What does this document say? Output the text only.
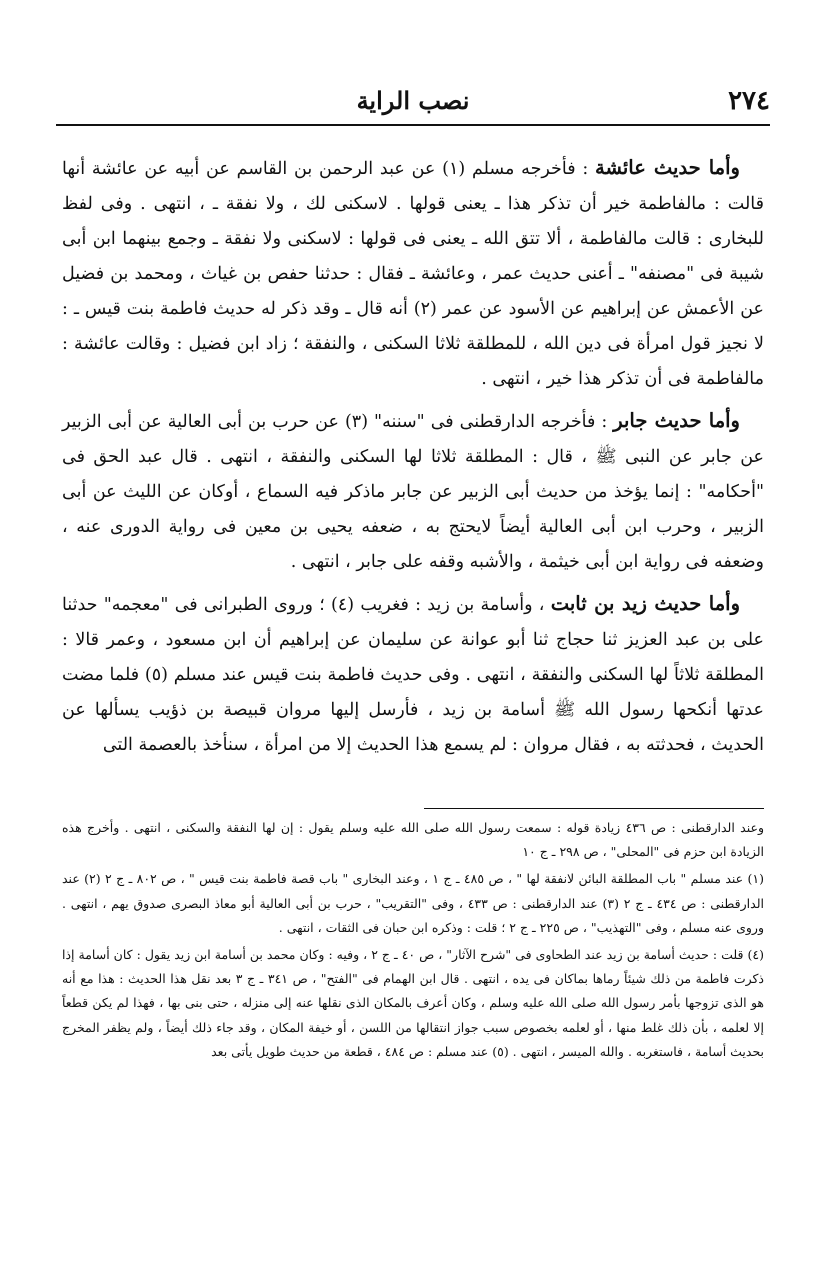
٢٧٤
نصب الراية

وأما حديث عائشة : فأخرجه مسلم (١) عن عبد الرحمن بن القاسم عن أبيه عن عائشة أنها قالت : مالفاطمة خير أن تذكر هذا ـ يعنى قولها . لاسكنى لك ، ولا نفقة ـ ، انتهى . وفى لفظ للبخارى : قالت مالفاطمة ، ألا تتق الله ـ يعنى فى قولها : لاسكنى ولا نفقة ـ وجمع بينهما ابن أبى شيبة فى "مصنفه" ـ أعنى حديث عمر ، وعائشة ـ فقال : حدثنا حفص بن غياث ، ومحمد بن فضيل عن الأعمش عن إبراهيم عن الأسود عن عمر (٢) أنه قال ـ وقد ذكر له حديث فاطمة بنت قيس ـ : لا نجيز قول امرأة فى دين الله ، للمطلقة ثلاثا السكنى ، والنفقة ؛ زاد ابن فضيل : وقالت عائشة : مالفاطمة فى أن تذكر هذا خير ، انتهى .

وأما حديث جابر : فأخرجه الدارقطنى فى "سننه" (٣) عن حرب بن أبى العالية عن أبى الزبير عن جابر عن النبى ﷺ ، قال : المطلقة ثلاثا لها السكنى والنفقة ، انتهى . قال عبد الحق فى "أحكامه" : إنما يؤخذ من حديث أبى الزبير عن جابر ماذكر فيه السماع ، أوكان عن الليث عن أبى الزبير ، وحرب ابن أبى العالية أيضاً لايحتج به ، ضعفه يحيى بن معين فى رواية الدورى عنه ، وضعفه فى رواية ابن أبى خيثمة ، والأشبه وقفه على جابر ، انتهى .

وأما حديث زيد بن ثابت ، وأسامة بن زيد : فغريب (٤) ؛ وروى الطبرانى فى "معجمه" حدثنا على بن عبد العزيز ثنا حجاج ثنا أبو عوانة عن سليمان عن إبراهيم أن ابن مسعود ، وعمر قالا : المطلقة ثلاثاً لها السكنى والنفقة ، انتهى . وفى حديث فاطمة بنت قيس عند مسلم (٥) فلما مضت عدتها أنكحها رسول الله ﷺ أسامة بن زيد ، فأرسل إليها مروان قبيصة بن ذؤيب يسألها عن الحديث ، فحدثته به ، فقال مروان : لم يسمع هذا الحديث إلا من امرأة ، سنأخذ بالعصمة التى

وعند الدارقطنى : ص ٤٣٦ زيادة قوله : سمعت رسول الله صلى الله عليه وسلم يقول : إن لها النفقة والسكنى ، انتهى . وأخرج هذه الزيادة ابن حزم فى "المحلى" ، ص ٢٩٨ ـ ج ١٠

(١) عند مسلم " باب المطلقة البائن لانفقة لها " ، ص ٤٨٥ ـ ج ١ ، وعند البخارى " باب قصة فاطمة بنت قيس " ، ص ٨٠٢ ـ ج ٢ (٢) عند الدارقطنى : ص ٤٣٤ ـ ج ٢ (٣) عند الدارقطنى : ص ٤٣٣ ، وفى "التقريب" ، حرب بن أبى العالية أبو معاذ البصرى صدوق يهم ، انتهى . وروى عنه مسلم ، وفى "التهذيب" ، ص ٢٢٥ ـ ج ٢ ؛ قلت : وذكره ابن حبان فى الثقات ، انتهى .

(٤) قلت : حديث أسامة بن زيد عند الطحاوى فى "شرح الآثار" ، ص ٤٠ ـ ج ٢ ، وفيه : وكان محمد بن أسامة ابن زيد يقول : كان أسامة إذا ذكرت فاطمة من ذلك شيئاً رماها بماكان فى يده ، انتهى . قال ابن الهمام فى "الفتح" ، ص ٣٤١ ـ ج ٣ بعد نقل هذا الحديث : هذا مع أنه هو الذى تزوجها بأمر رسول الله صلى الله عليه وسلم ، وكان أعرف بالمكان الذى نقلها عنه إلى منزله ، حتى بنى بها ، فهذا لم يكن قطعاً إلا لعلمه ، بأن ذلك غلط منها ، أو لعلمه بخصوص سبب جواز انتقالها من اللسن ، أو خيفة المكان ، وقد جاء ذلك أيضاً ، ولم يظفر المخرج بحديث أسامة ، فاستغربه . والله الميسر ، انتهى . (٥) عند مسلم : ص ٤٨٤ ، قطعة من حديث طويل يأتى بعد
